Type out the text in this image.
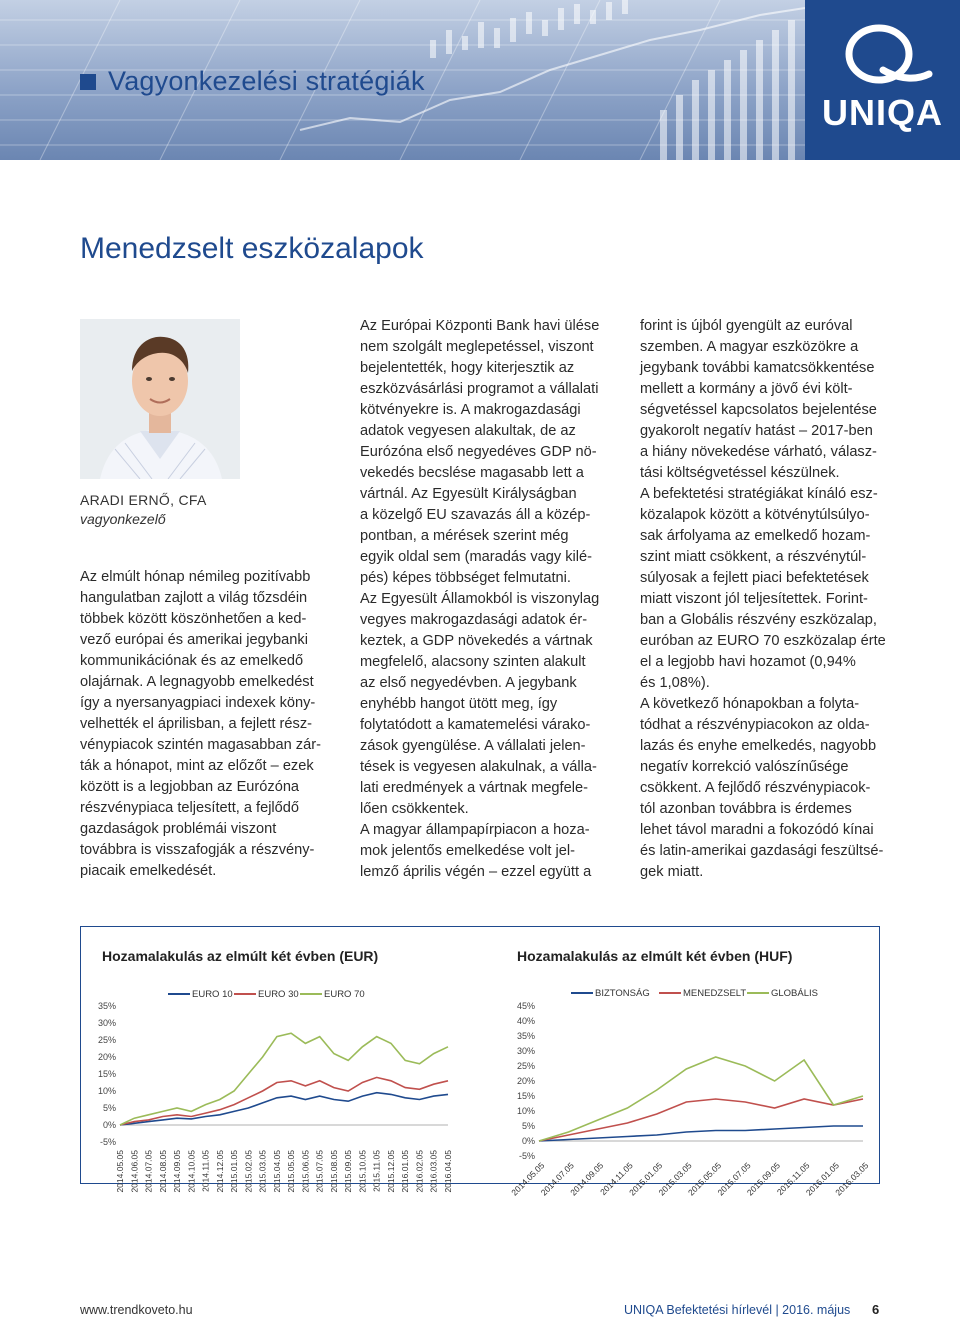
UNIQA
Vagyonkezelési stratégiák
Menedzselt eszközalapok
ARADI ERNŐ, CFA
vagyonkezelő

Az elmúlt hónap némileg pozitívabb

hangulatban zajlott a világ tőzsdéin

többek között köszönhetően a ked-

vező európai és amerikai jegybanki

kommunikációnak és az emelkedő

olajárnak. A legnagyobb emelkedést

így a nyersanyagpiaci indexek köny-

velhették el áprilisban, a fejlett rész-

vénypiacok szintén magasabban zár-

ták a hónapot, mint az előzőt – ezek

között is a legjobban az Eurózóna

részvénypiaca teljesített, a fejlődő

gazdaságok problémái viszont

továbbra is visszafogják a részvény-

piacaik emelkedését.

Az Európai Központi Bank havi ülése

nem szolgált meglepetéssel, viszont

bejelentették, hogy kiterjesztik az

eszközvásárlási programot a vállalati

kötvényekre is. A makrogazdasági

adatok vegyesen alakultak, de az

Eurózóna első negyedéves GDP nö-

vekedés becslése magasabb lett a

vártnál. Az Egyesült Királyságban

a közelgő EU szavazás áll a közép-

pontban, a mérések szerint még

egyik oldal sem (maradás vagy kilé-

pés) képes többséget felmutatni.

Az Egyesült Államokból is viszonylag

vegyes makrogazdasági adatok ér-

keztek, a GDP növekedés a vártnak

megfelelő, alacsony szinten alakult

az első negyedévben. A jegybank

enyhébb hangot ütött meg, így

folytatódott a kamatemelési várako-

zások gyengülése. A vállalati jelen-

tések is vegyesen alakulnak, a válla-

lati eredmények a vártnak megfele-

lően csökkentek.

A magyar állampapírpiacon a hoza-

mok jelentős emelkedése volt jel-

lemző április végén – ezzel együtt a

forint is újból gyengült az euróval

szemben. A magyar eszközökre a

jegybank további kamatcsökkentése

mellett a kormány a jövő évi költ-

ségvetéssel kapcsolatos bejelentése

gyakorolt negatív hatást – 2017-ben

a hiány növekedése várható, válasz-

tási költségvetéssel készülnek.

A befektetési stratégiákat kínáló esz-

közalapok között a kötvénytúlsúlyo-

sak árfolyama az emelkedő hozam-

szint miatt csökkent, a részvénytúl-

súlyosak a fejlett piaci befektetések

miatt viszont jól teljesítettek. Forint-

ban a Globális részvény eszközalap,

euróban az EURO 70 eszközalap érte

el a legjobb havi hozamot (0,94%

és 1,08%).

A következő hónapokban a folyta-

tódhat a részvénypiacokon az olda-

lazás és enyhe emelkedés, nagyobb

negatív korrekció valószínűsége

csökkent. A fejlődő részvénypiacok-

tól azonban továbbra is érdemes

lehet távol maradni a fokozódó kínai

és latin-amerikai gazdasági feszültsé-

gek miatt.

Hozamalakulás az elmúlt két évben (EUR)	Hozamalakulás az elmúlt két évben (HUF)
EURO 10	EURO 30	EURO 70
35%
30%
25%
20%
15%
10%
5%
0%
-5%
2014.05.05 2014.06.05 2014.07.05 2014.08.05 2014.09.05 2014.10.05 2014.11.05 2014.12.05 2015.01.05 2015.02.05 2015.03.05 2015.04.05 2015.05.05 2015.06.05 2015.07.05 2015.08.05 2015.09.05 2015.10.05 2015.11.05 2015.12.05 2016.01.05 2016.02.05 2016.03.05 2016.04.05
BIZTONSÁG	MENEDZSELT	GLOBÁLIS
45%
40%
35%
30%
25%
20%
15%
10%
5%
0%
-5%
2014.05.05
2014.07.05
2014.09.05
2014.11.05
2015.01.05
2015.03.05
2015.05.05
2015.07.05
2015.09.05
2015.11.05
2016.01.05
2016.03.05
www.trendkoveto.hu	UNIQA Befektetési hírlevél | 2016. május 6
